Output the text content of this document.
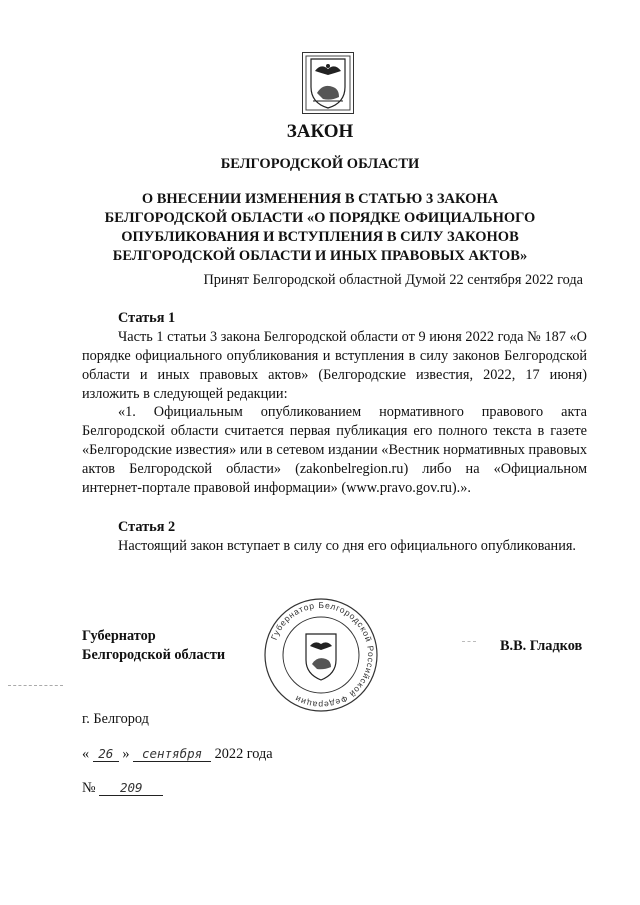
ЗАКОН
БЕЛГОРОДСКОЙ ОБЛАСТИ
О ВНЕСЕНИИ ИЗМЕНЕНИЯ В СТАТЬЮ 3 ЗАКОНА
БЕЛГОРОДСКОЙ ОБЛАСТИ «О ПОРЯДКЕ ОФИЦИАЛЬНОГО
ОПУБЛИКОВАНИЯ И ВСТУПЛЕНИЯ В СИЛУ ЗАКОНОВ
БЕЛГОРОДСКОЙ ОБЛАСТИ И ИНЫХ ПРАВОВЫХ АКТОВ»
Принят Белгородской областной Думой 22 сентября 2022 года
Статья 1
Часть 1 статьи 3 закона Белгородской области от 9 июня 2022 года № 187 «О порядке официального опубликования и вступления в силу законов Белгородской области и иных правовых актов» (Белгородские известия, 2022, 17 июня) изложить в следующей редакции:
«1. Официальным опубликованием нормативного правового акта Белгородской области считается первая публикация его полного текста в газете «Белгородские известия» или в сетевом издании «Вестник нормативных правовых актов Белгородской области» (zakonbelregion.ru) либо на «Официальном интернет-портале правовой информации» (www.pravo.gov.ru).».
Статья 2
Настоящий закон вступает в силу со дня его официального опубликования.
Губернатор
Белгородской области
В.В. Гладков
Губернатор Белгородской Российской Федерации
г. Белгород
« 26 » сентября 2022 года
№ 209
